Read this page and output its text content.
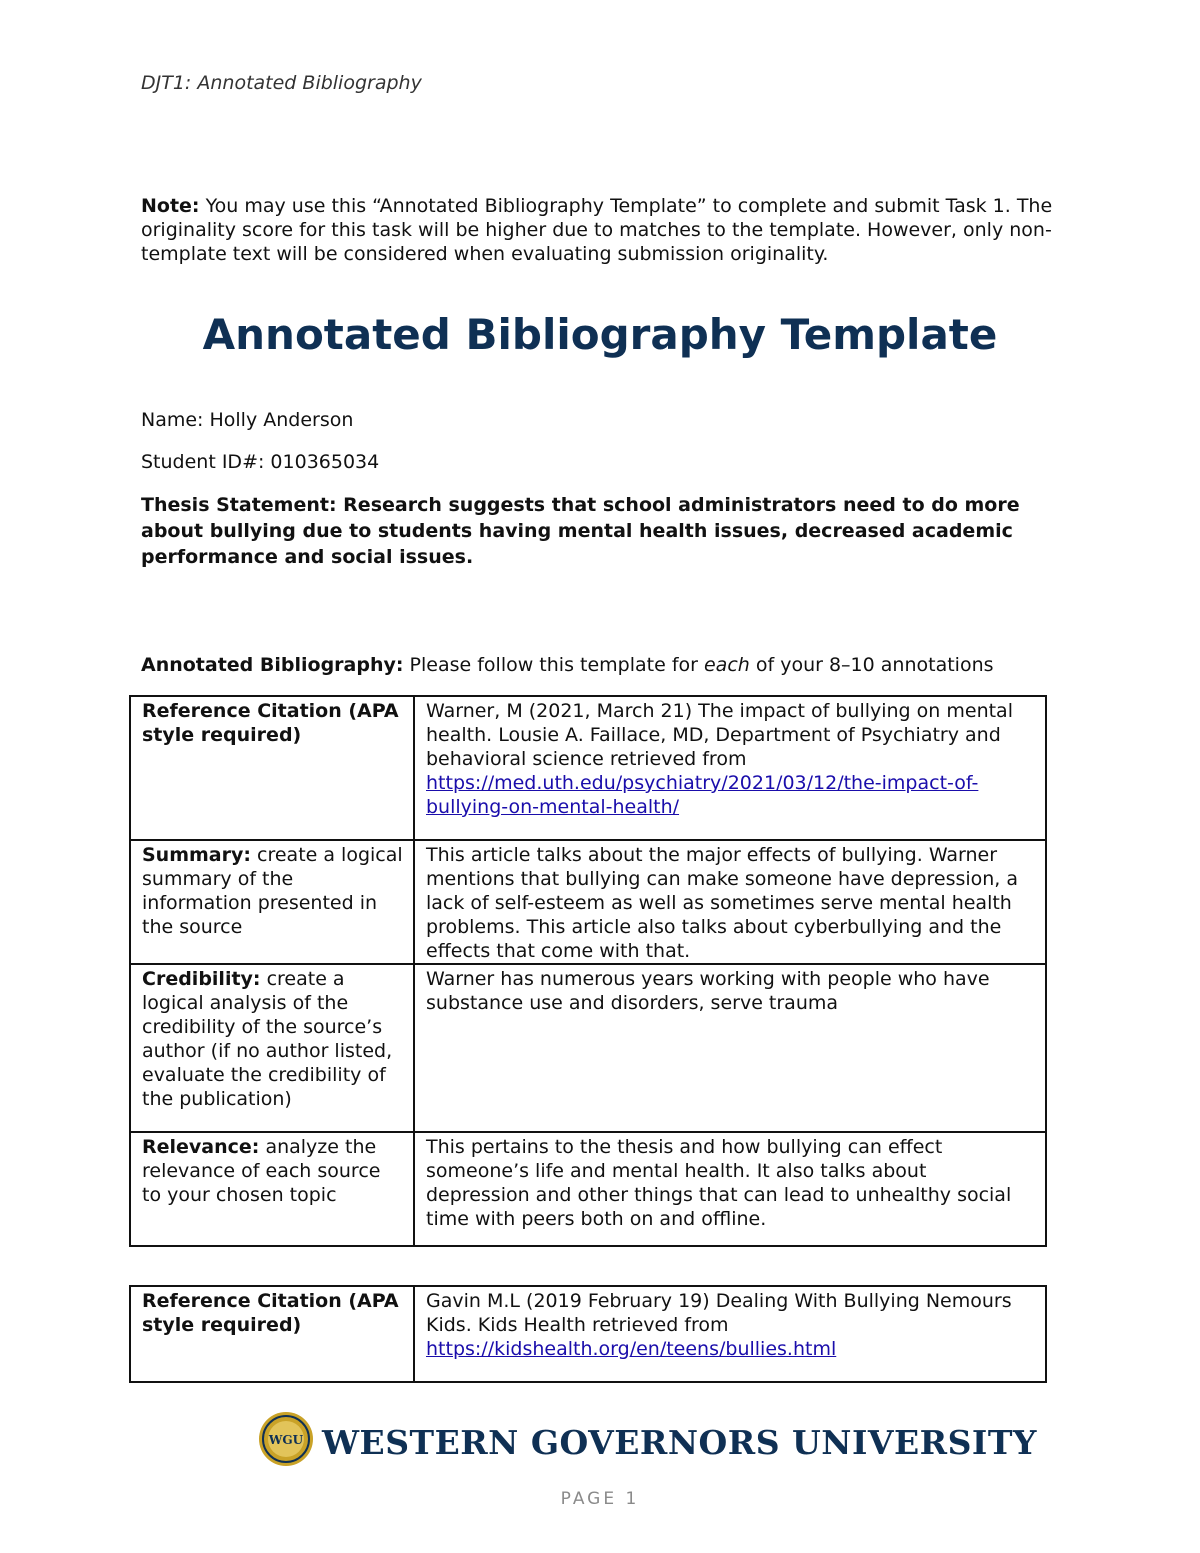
DJT1: Annotated Bibliography
Note: You may use this “Annotated Bibliography Template” to complete and submit Task 1. The originality score for this task will be higher due to matches to the template. However, only non-template text will be considered when evaluating submission originality.
Annotated Bibliography Template
Name: Holly Anderson
Student ID#: 010365034
Thesis Statement: Research suggests that school administrators need to do more about bullying due to students having mental health issues, decreased academic performance and social issues.
Annotated Bibliography: Please follow this template for each of your 8–10 annotations
Reference Citation (APA style required)	Warner, M (2021, March 21) The impact of bullying on mental health. Lousie A. Faillace, MD, Department of Psychiatry and behavioral science retrieved from https://med.uth.edu/psychiatry/2021/03/12/the-impact-of-bullying-on-mental-health/
Summary: create a logical summary of the information presented in the source	This article talks about the major effects of bullying. Warner mentions that bullying can make someone have depression, a lack of self-esteem as well as sometimes serve mental health problems. This article also talks about cyberbullying and the effects that come with that.
Credibility: create a logical analysis of the credibility of the source’s author (if no author listed, evaluate the credibility of the publication)	Warner has numerous years working with people who have substance use and disorders, serve trauma
Relevance: analyze the relevance of each source to your chosen topic	This pertains to the thesis and how bullying can effect someone’s life and mental health. It also talks about depression and other things that can lead to unhealthy social time with peers both on and offline.
Reference Citation (APA style required)	Gavin M.L (2019 February 19) Dealing With Bullying Nemours Kids. Kids Health retrieved from
https://kidshealth.org/en/teens/bullies.html
WGU WESTERN GOVERNORS UNIVERSITY
PAGE 1
